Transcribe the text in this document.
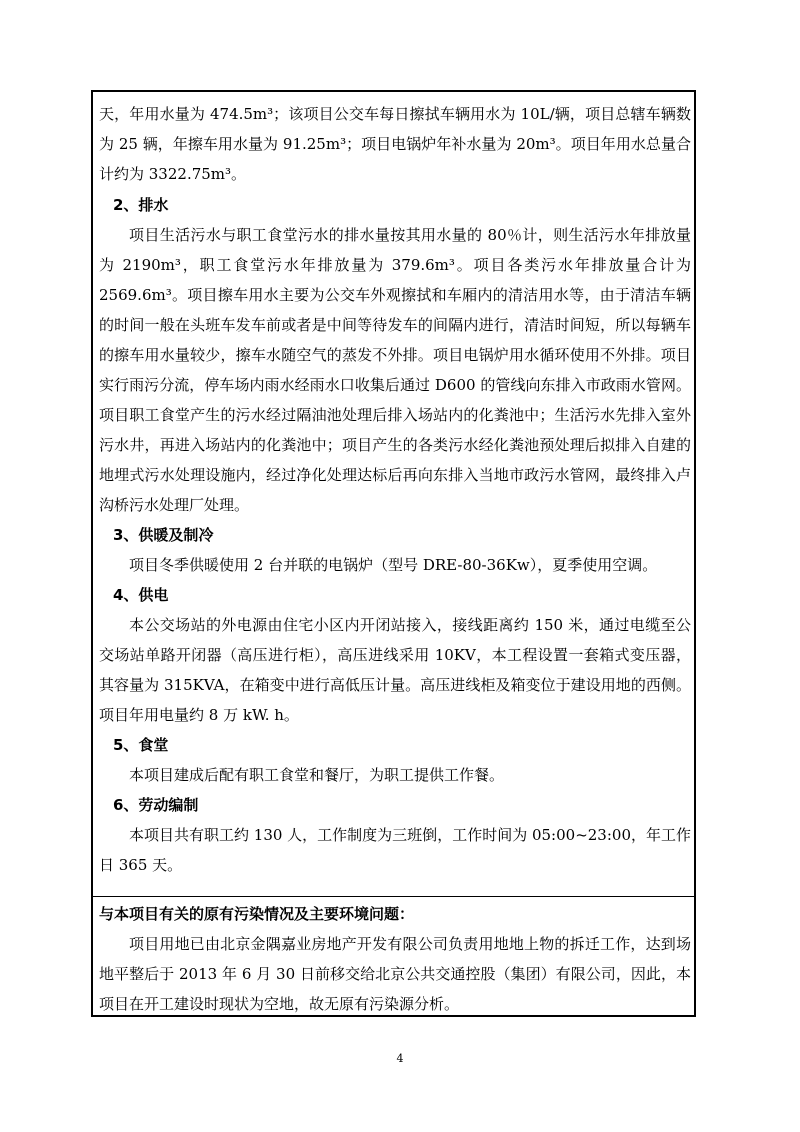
天，年用水量为 474.5m³；该项目公交车每日擦拭车辆用水为 10L/辆，项目总辖车辆数为 25 辆，年擦车用水量为 91.25m³；项目电锅炉年补水量为 20m³。项目年用水总量合计约为 3322.75m³。

2、排水

项目生活污水与职工食堂污水的排水量按其用水量的 80％计，则生活污水年排放量为 2190m³，职工食堂污水年排放量为 379.6m³。项目各类污水年排放量合计为 2569.6m³。项目擦车用水主要为公交车外观擦拭和车厢内的清洁用水等，由于清洁车辆的时间一般在头班车发车前或者是中间等待发车的间隔内进行，清洁时间短，所以每辆车的擦车用水量较少，擦车水随空气的蒸发不外排。项目电锅炉用水循环使用不外排。项目实行雨污分流，停车场内雨水经雨水口收集后通过 D600 的管线向东排入市政雨水管网。项目职工食堂产生的污水经过隔油池处理后排入场站内的化粪池中；生活污水先排入室外污水井，再进入场站内的化粪池中；项目产生的各类污水经化粪池预处理后拟排入自建的地埋式污水处理设施内，经过净化处理达标后再向东排入当地市政污水管网，最终排入卢沟桥污水处理厂处理。

3、供暖及制冷

项目冬季供暖使用 2 台并联的电锅炉（型号 DRE-80-36Kw），夏季使用空调。

4、供电

本公交场站的外电源由住宅小区内开闭站接入，接线距离约 150 米，通过电缆至公交场站单路开闭器（高压进行柜），高压进线采用 10KV，本工程设置一套箱式变压器，其容量为 315KVA，在箱变中进行高低压计量。高压进线柜及箱变位于建设用地的西侧。项目年用电量约 8 万 kW. h。

5、食堂

本项目建成后配有职工食堂和餐厅，为职工提供工作餐。

6、劳动编制

本项目共有职工约 130 人，工作制度为三班倒，工作时间为 05:00~23:00，年工作日 365 天。

与本项目有关的原有污染情况及主要环境问题：

项目用地已由北京金隅嘉业房地产开发有限公司负责用地地上物的拆迁工作，达到场地平整后于 2013 年 6 月 30 日前移交给北京公共交通控股（集团）有限公司，因此，本项目在开工建设时现状为空地，故无原有污染源分析。

4
